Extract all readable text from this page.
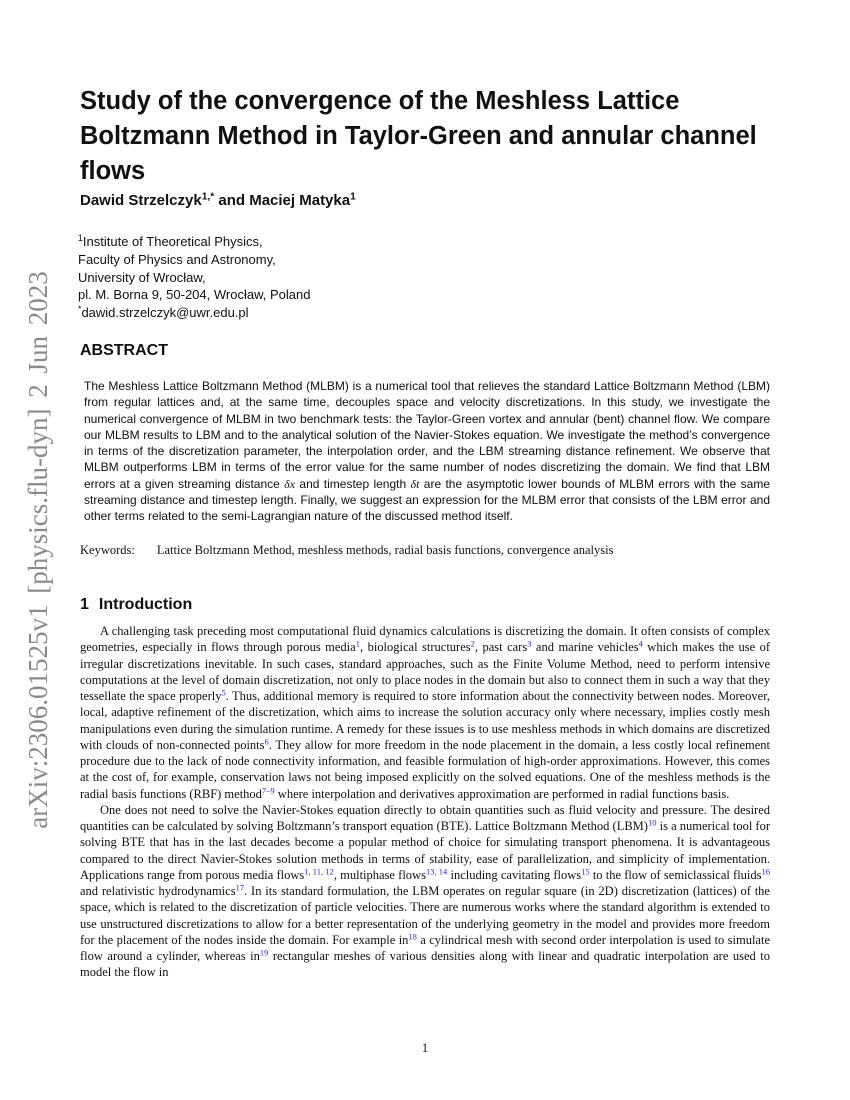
arXiv:2306.01525v1 [physics.flu-dyn] 2 Jun 2023
Study of the convergence of the Meshless Lattice Boltzmann Method in Taylor-Green and annular channel flows
Dawid Strzelczyk$^{1,*}$ and Maciej Matyka$^1$
$^1$Institute of Theoretical Physics,
Faculty of Physics and Astronomy,
University of Wrocław,
pl. M. Borna 9, 50-204, Wrocław, Poland
*dawid.strzelczyk@uwr.edu.pl
ABSTRACT

The Meshless Lattice Boltzmann Method (MLBM) is a numerical tool that relieves the standard Lattice Boltzmann Method (LBM) from regular lattices and, at the same time, decouples space and velocity discretizations. In this study, we investigate the numerical convergence of MLBM in two benchmark tests: the Taylor-Green vortex and annular (bent) channel flow. We compare our MLBM results to LBM and to the analytical solution of the Navier-Stokes equation. We investigate the method’s convergence in terms of the discretization parameter, the interpolation order, and the LBM streaming distance refinement. We observe that MLBM outperforms LBM in terms of the error value for the same number of nodes discretizing the domain. We find that LBM errors at a given streaming distance δx and timestep length δt are the asymptotic lower bounds of MLBM errors with the same streaming distance and timestep length. Finally, we suggest an expression for the MLBM error that consists of the LBM error and other terms related to the semi-Lagrangian nature of the discussed method itself.

Keywords: Lattice Boltzmann Method, meshless methods, radial basis functions, convergence analysis
1 Introduction

A challenging task preceding most computational fluid dynamics calculations is discretizing the domain. It often consists of complex geometries, especially in flows through porous media$^1$, biological structures$^2$, past cars$^3$ and marine vehicles$^4$ which makes the use of irregular discretizations inevitable. In such cases, standard approaches, such as the Finite Volume Method, need to perform intensive computations at the level of domain discretization, not only to place nodes in the domain but also to connect them in such a way that they tessellate the space properly$^5$. Thus, additional memory is required to store information about the connectivity between nodes. Moreover, local, adaptive refinement of the discretization, which aims to increase the solution accuracy only where necessary, implies costly mesh manipulations even during the simulation runtime. A remedy for these issues is to use meshless methods in which domains are discretized with clouds of non-connected points$^6$. They allow for more freedom in the node placement in the domain, a less costly local refinement procedure due to the lack of node connectivity information, and feasible formulation of high-order approximations. However, this comes at the cost of, for example, conservation laws not being imposed explicitly on the solved equations. One of the meshless methods is the radial basis functions (RBF) method$^{7-9}$ where interpolation and derivatives approximation are performed in radial functions basis.

One does not need to solve the Navier-Stokes equation directly to obtain quantities such as fluid velocity and pressure. The desired quantities can be calculated by solving Boltzmann’s transport equation (BTE). Lattice Boltzmann Method (LBM)$^{10}$ is a numerical tool for solving BTE that has in the last decades become a popular method of choice for simulating transport phenomena. It is advantageous compared to the direct Navier-Stokes solution methods in terms of stability, ease of parallelization, and simplicity of implementation. Applications range from porous media flows$^{1, 11, 12}$, multiphase flows$^{13, 14}$ including cavitating flows$^{15}$ to the flow of semiclassical fluids$^{16}$ and relativistic hydrodynamics$^{17}$. In its standard formulation, the LBM operates on regular square (in 2D) discretization (lattices) of the space, which is related to the discretization of particle velocities. There are numerous works where the standard algorithm is extended to use unstructured discretizations to allow for a better representation of the underlying geometry in the model and provides more freedom for the placement of the nodes inside the domain. For example in$^{18}$ a cylindrical mesh with second order interpolation is used to simulate flow around a cylinder, whereas in$^{19}$ rectangular meshes of various densities along with linear and quadratic interpolation are used to model the flow in

1
